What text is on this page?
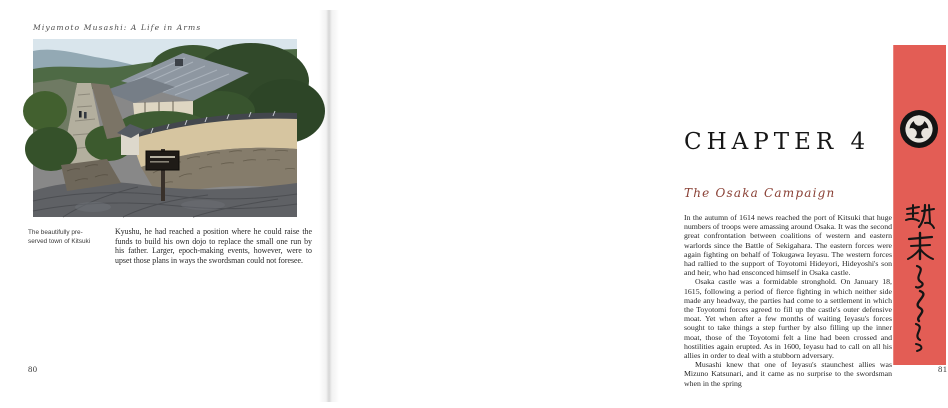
Miyamoto Musashi: A Life in Arms
The beautifully pre-
served town of Kitsuki
Kyushu, he had reached a position where he could raise the funds to build his own dojo to replace the small one run by his father. Larger, epoch-making events, however, were to upset those plans in ways the swordsman could not foresee.
80
CHAPTER 4
The Osaka Campaign

In the autumn of 1614 news reached the port of Kitsuki that huge numbers of troops were amassing around Osaka. It was the second great confrontation between coalitions of western and eastern warlords since the Battle of Sekigahara. The eastern forces were again fighting on behalf of Tokugawa Ieyasu. The western forces had rallied to the support of Toyotomi Hideyori, Hideyoshi's son and heir, who had ensconced himself in Osaka castle.

Osaka castle was a formidable stronghold. On January 18, 1615, following a period of fierce fighting in which neither side made any headway, the parties had come to a settlement in which the Toyotomi forces agreed to fill up the castle's outer defensive moat. Yet when after a few months of waiting Ieyasu's forces sought to take things a step further by also filling up the inner moat, those of the Toyotomi felt a line had been crossed and hostilities again erupted. As in 1600, Ieyasu had to call on all his allies in order to deal with a stubborn adversary.

Musashi knew that one of Ieyasu's staunchest allies was Mizuno Katsunari, and it came as no surprise to the swordsman when in the spring

81
